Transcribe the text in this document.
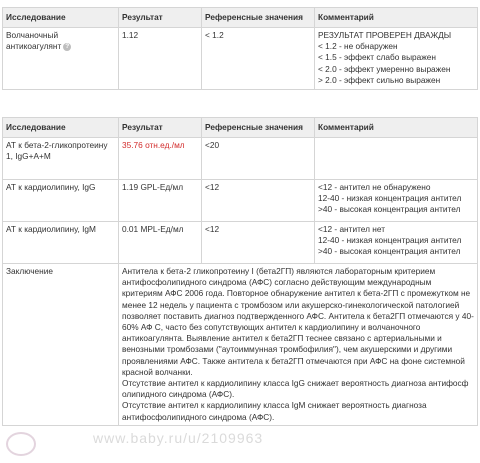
Исследование	Результат	Референсные значения	Комментарий
Волчаночный антикоагулянт ?	1.12	< 1.2	РЕЗУЛЬТАТ ПРОВЕРЕН ДВАЖДЫ
< 1.2 - не обнаружен
< 1.5 - эффект слабо выражен
< 2.0 - эффект умеренно выражен
> 2.0 - эффект сильно выражен
Исследование	Результат	Референсные значения	Комментарий
АТ к бета-2-гликопротеину 1, IgG+A+M	35.76 отн.ед./мл	<20	
АТ к кардиолипину, IgG	1.19 GPL-Ед/мл	<12	<12 - антител не обнаружено
12-40 - низкая концентрация антител
>40 - высокая концентрация антител

АТ к кардиолипину, IgM	0.01 MPL-Ед/мл	<12	<12 - антител нет
12-40 - низкая концентрация антител
>40 - высокая концентрация антител

Заключение	Антитела к бета-2 гликопротеину I (бета2ГП) являются лабораторным критерием антифосфолипидного синдрома (АФС) согласно действующим международным критериям АФС 2006 года. Повторное обнаружение антител к бета-2ГП с промежутком не менее 12 недель у пациента с тромбозом или акушерско-гинекологической патологией позволяет поставить диагноз подтвержденного АФС. Антитела к бета2ГП отмечаются у 40-60% АФ С, часто без сопутствующих антител к кардиолипину и волчаночного антикоагулянта. Выявление антител к бета2ГП теснее связано с артериальными и венозными тромбозами ("аутоиммунная тромбофилия"), чем акушерскими и другими проявлениями АФС. Также антитела к бета2ГП отмечаются при АФС на фоне системной красной волчанки.

Отсутствие антител к кардиолипину класса IgG снижает вероятность диагноза антифосф олипидного синдрома (АФС).

Отсутствие антител к кардиолипину класса IgM снижает вероятность диагноза антифосфолипидного синдрома (АФС).		

www.baby.ru/u/2109963
